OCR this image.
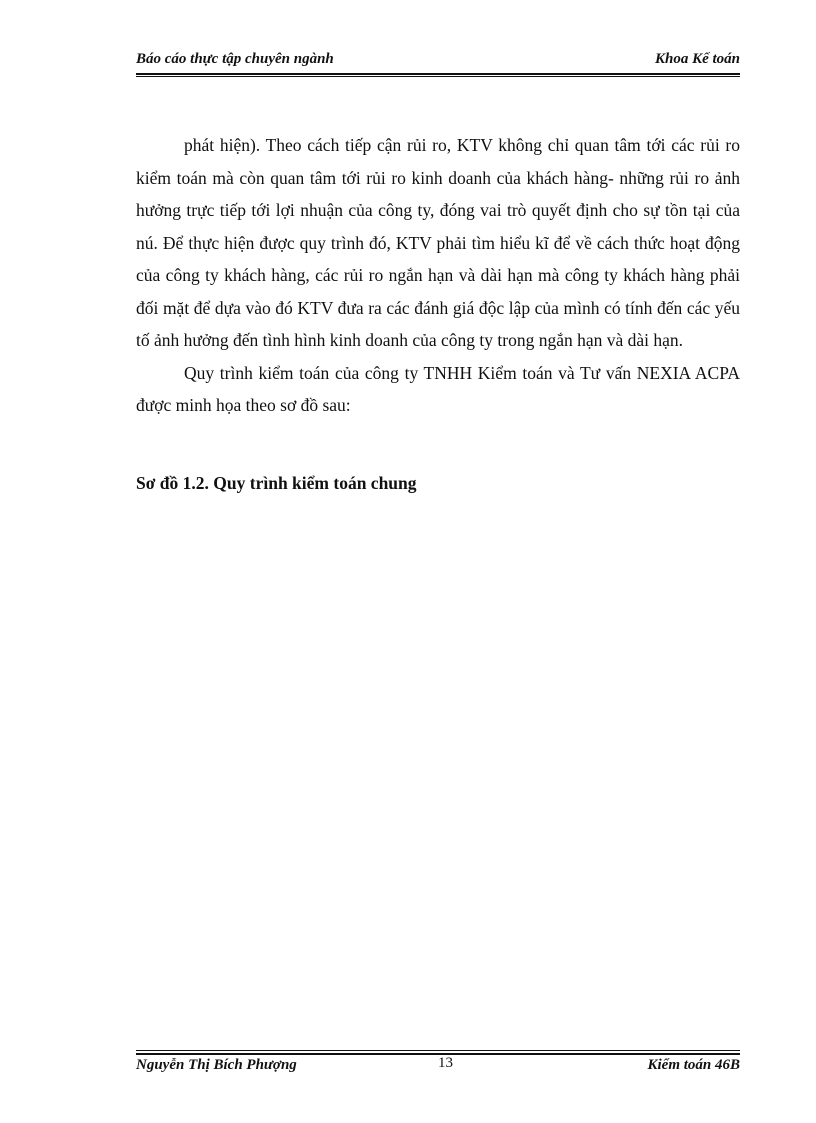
Báo cáo thực tập chuyên ngành	Khoa Kế toán

phát hiện). Theo cách tiếp cận rủi ro, KTV không chỉ quan tâm tới các rủi ro kiểm toán mà còn quan tâm tới rủi ro kinh doanh của khách hàng- những rủi ro ảnh hưởng trực tiếp tới lợi nhuận của công ty, đóng vai trò quyết định cho sự tồn tại của nú. Để thực hiện được quy trình đó, KTV phải tìm hiểu kĩ để về cách thức hoạt động của công ty khách hàng, các rủi ro ngắn hạn và dài hạn mà công ty khách hàng phải đối mặt để dựa vào đó KTV đưa ra các đánh giá độc lập của mình có tính đến các yếu tố ảnh hưởng đến tình hình kinh doanh của công ty trong ngắn hạn và dài hạn.

Quy trình kiểm toán của công ty TNHH Kiểm toán và Tư vấn NEXIA ACPA được minh họa theo sơ đồ sau:

Sơ đồ 1.2. Quy trình kiểm toán chung
Nguyễn Thị Bích Phượng	13	Kiểm toán 46B
